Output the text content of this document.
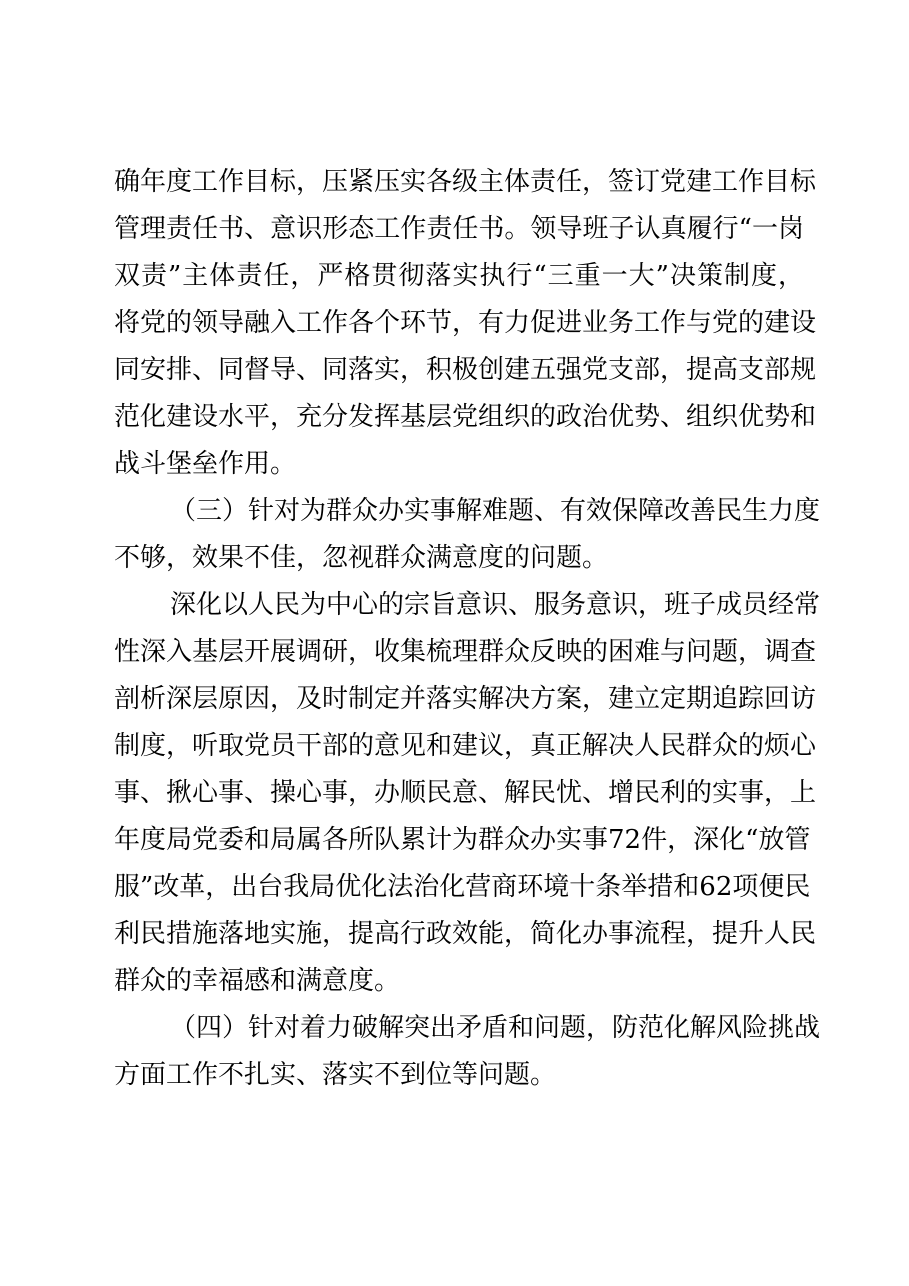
确年度工作目标，压紧压实各级主体责任，签订党建工作目标
管理责任书、意识形态工作责任书。领导班子认真履行“一岗
双责”主体责任，严格贯彻落实执行“三重一大”决策制度，
将党的领导融入工作各个环节，有力促进业务工作与党的建设
同安排、同督导、同落实，积极创建五强党支部，提高支部规
范化建设水平，充分发挥基层党组织的政治优势、组织优势和
战斗堡垒作用。
（三）针对为群众办实事解难题、有效保障改善民生力度
不够，效果不佳，忽视群众满意度的问题。
深化以人民为中心的宗旨意识、服务意识，班子成员经常
性深入基层开展调研，收集梳理群众反映的困难与问题，调查
剖析深层原因，及时制定并落实解决方案，建立定期追踪回访
制度，听取党员干部的意见和建议，真正解决人民群众的烦心
事、揪心事、操心事，办顺民意、解民忧、增民利的实事，上
年度局党委和局属各所队累计为群众办实事72件，深化“放管
服”改革，出台我局优化法治化营商环境十条举措和62项便民
利民措施落地实施，提高行政效能，简化办事流程，提升人民
群众的幸福感和满意度。
（四）针对着力破解突出矛盾和问题，防范化解风险挑战
方面工作不扎实、落实不到位等问题。
